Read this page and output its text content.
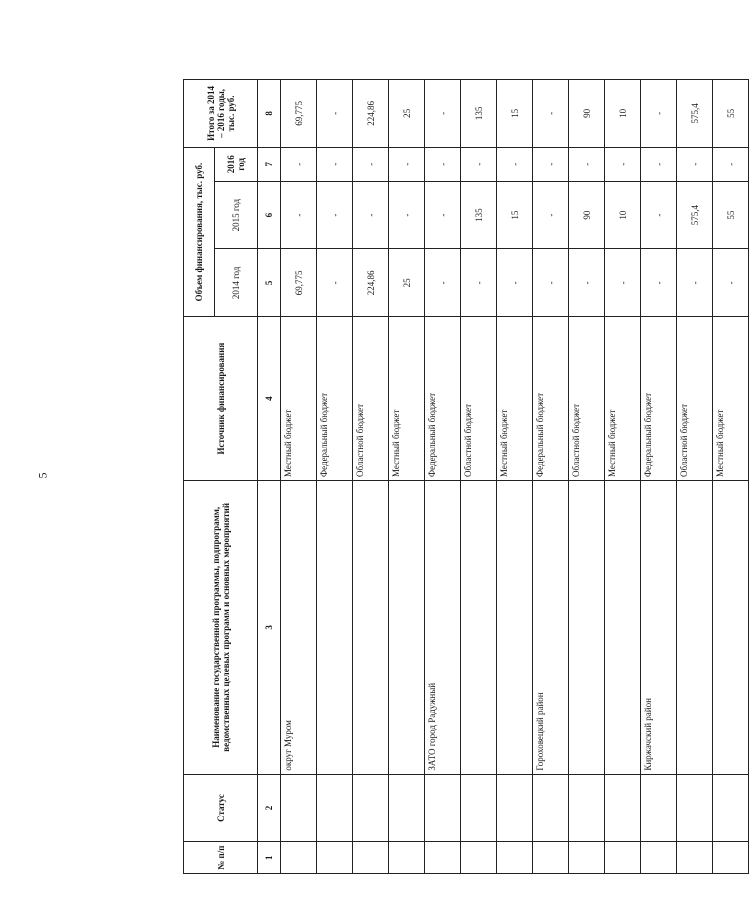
5
№ п/п	Статус	Наименование государственной программы, подпрограмм, ведомственных целевых программ и основных мероприятий	Источник финансирования	Объем финансирования, тыс. руб.			Итого за 2014 – 2016 годы, тыс. руб.
				2014 год	2015 год	2016 год	
1	2	3	4	5	6	7	8
		округ Муром	Местный бюджет	69,775	-	-	69,775
			Федеральный бюджет	-	-	-	-
			Областной бюджет	224,86	-	-	224,86
			Местный бюджет	25	-	-	25
		ЗАТО город Радужный	Федеральный бюджет	-	-	-	-
			Областной бюджет	-	135	-	135
			Местный бюджет	-	15	-	15
		Гороховецкий район	Федеральный бюджет	-	-	-	-
			Областной бюджет	-	90	-	90
			Местный бюджет	-	10	-	10
		Киржачский район	Федеральный бюджет	-	-	-	-
			Областной бюджет	-	575,4	-	575,4
			Местный бюджет	-	55	-	55
